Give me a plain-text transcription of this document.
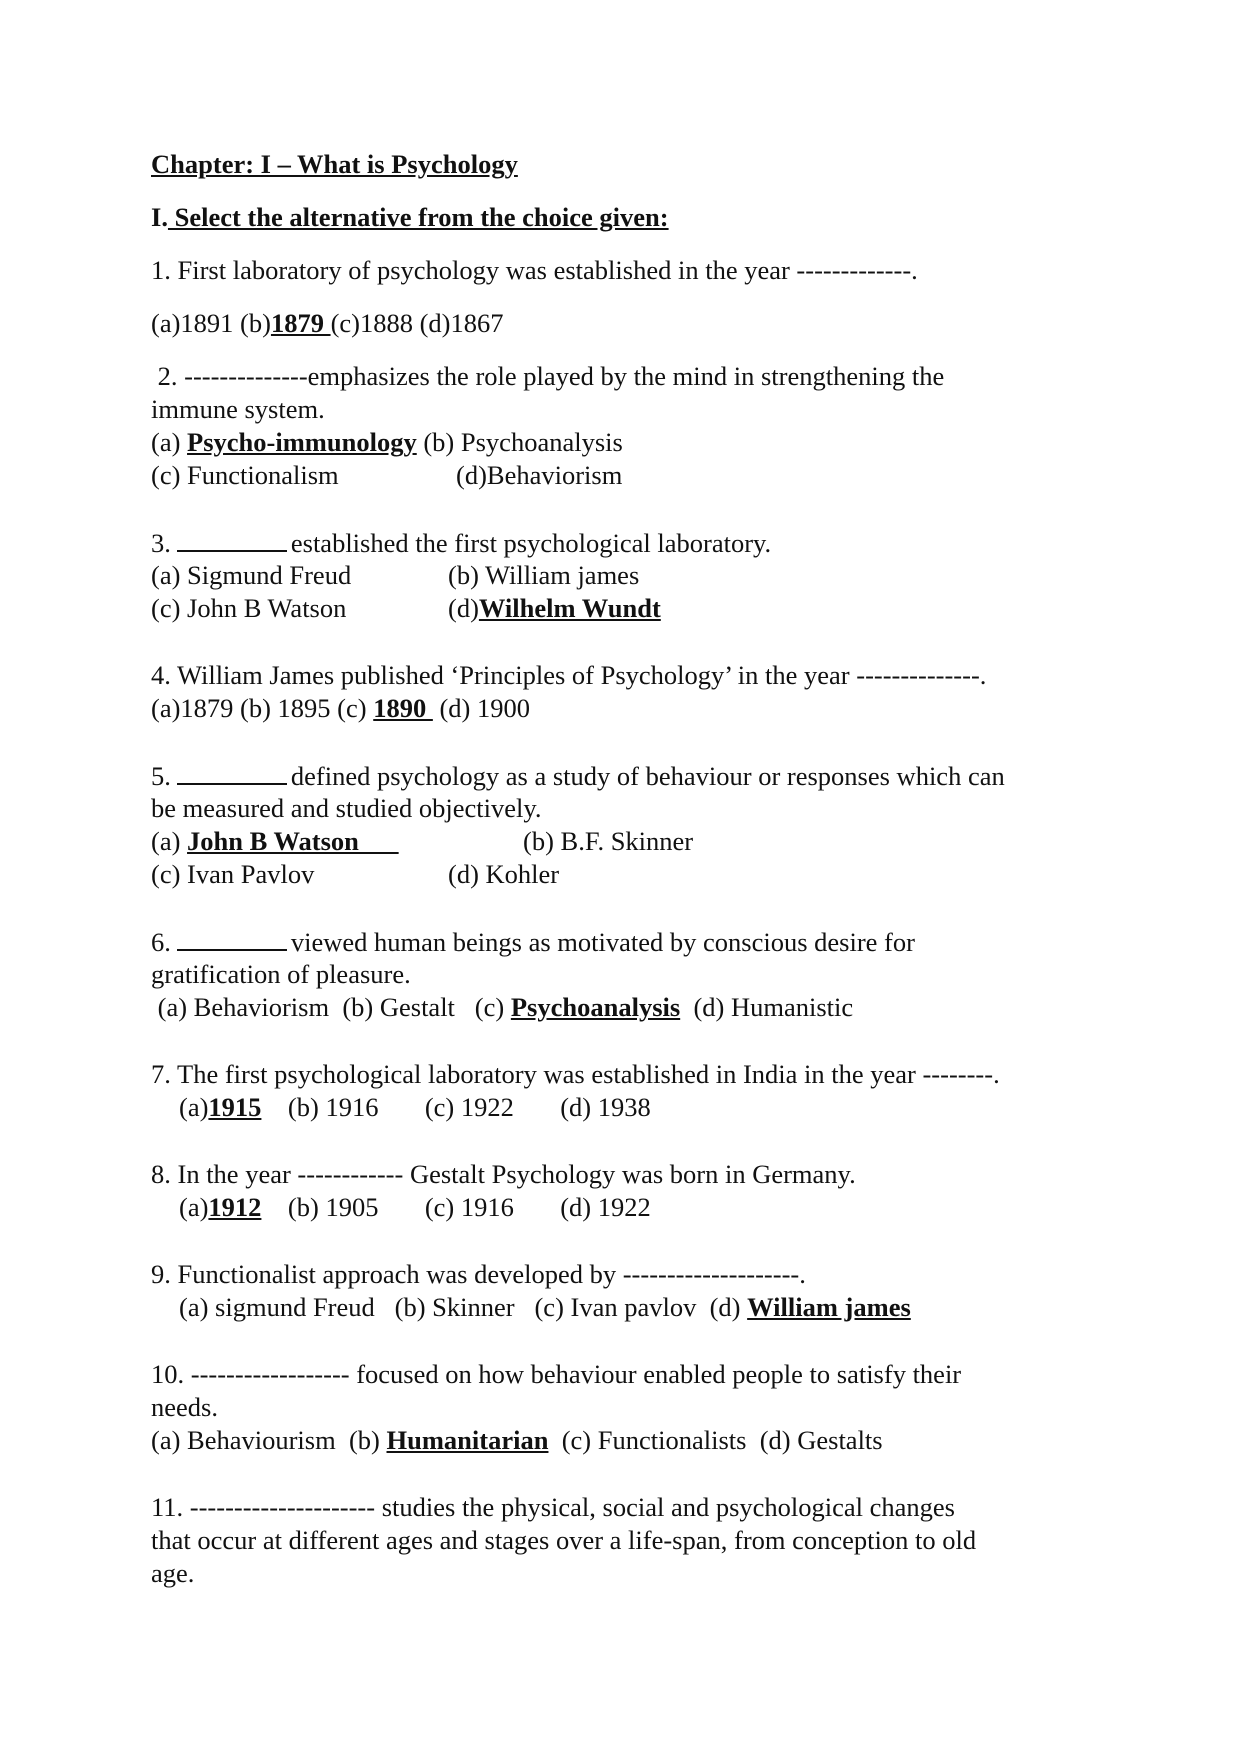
Chapter: I – What is Psychology
I. Select the alternative from the choice given:
1. First laboratory of psychology was established in the year -------------.
(a)1891 (b)1879 (c)1888 (d)1867
2. --------------emphasizes the role played by the mind in strengthening the
immune system.
(a) Psycho-immunology (b) Psychoanalysis
(c) Functionalism	(d)Behaviorism
3.	established the first psychological laboratory.
(a) Sigmund Freud	(b) William james
(c) John B Watson	(d)Wilhelm Wundt
4. William James published ‘Principles of Psychology’ in the year --------------.
(a)1879 (b) 1895 (c) 1890  (d) 1900
5.	defined psychology as a study of behaviour or responses which can
be measured and studied objectively.
(a) John B Watson	(b) B.F. Skinner
(c) Ivan Pavlov	(d) Kohler
6.	viewed human beings as motivated by conscious desire for
gratification of pleasure.
(a) Behaviorism  (b) Gestalt   (c) Psychoanalysis  (d) Humanistic
7. The first psychological laboratory was established in India in the year --------.
(a)1915    (b) 1916       (c) 1922       (d) 1938
8. In the year ------------ Gestalt Psychology was born in Germany.
(a)1912    (b) 1905       (c) 1916       (d) 1922
9. Functionalist approach was developed by --------------------.
(a) sigmund Freud   (b) Skinner   (c) Ivan pavlov  (d) William james
10. ------------------ focused on how behaviour enabled people to satisfy their
needs.
(a) Behaviourism  (b) Humanitarian  (c) Functionalists  (d) Gestalts
11. --------------------- studies the physical, social and psychological changes
that occur at different ages and stages over a life-span, from conception to old
age.
